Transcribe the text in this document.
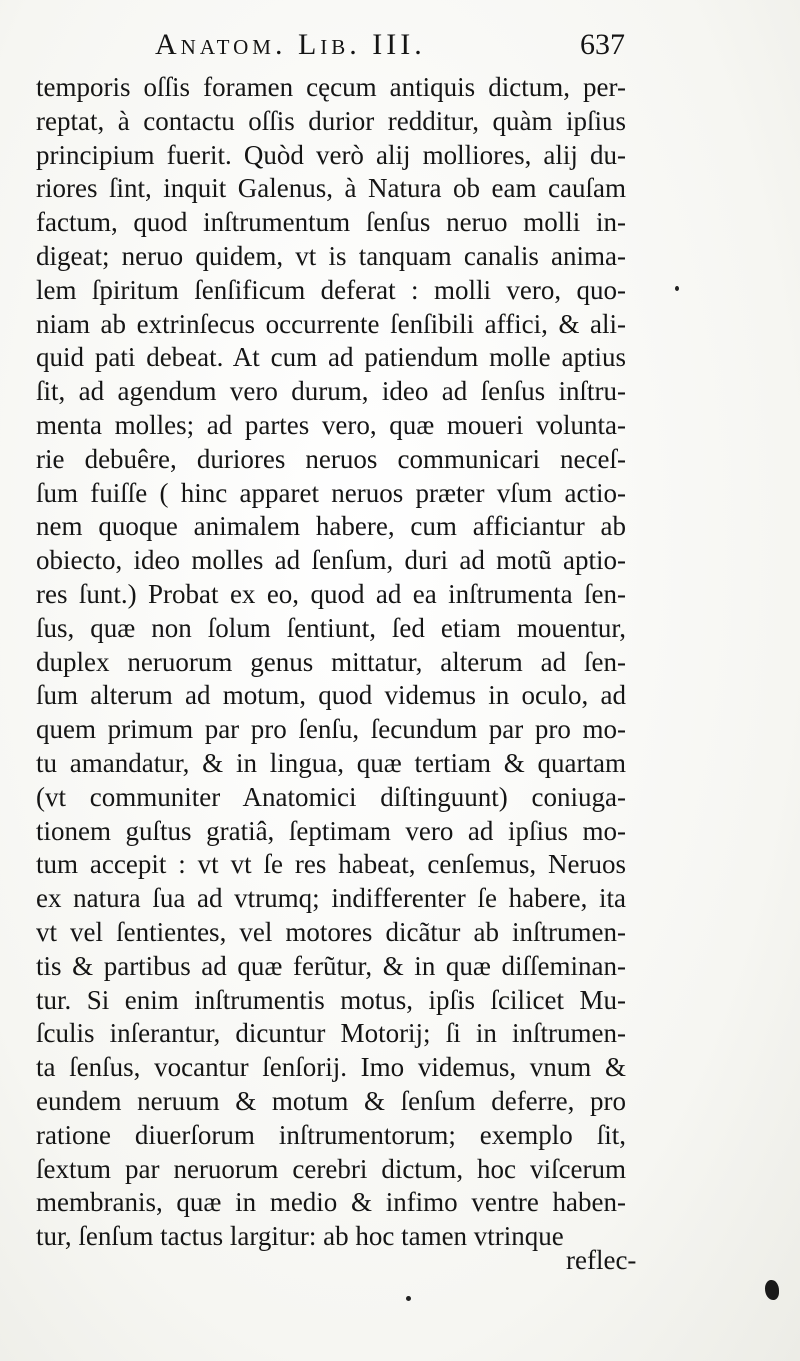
Anatom. Lib. III.	637
temporis oſſis foramen cęcum antiquis dictum, per-
reptat, à contactu oſſis durior redditur, quàm ipſius
principium fuerit. Quòd verò alij molliores, alij du-
riores ſint, inquit Galenus, à Natura ob eam cauſam
factum, quod inſtrumentum ſenſus neruo molli in-
digeat; neruo quidem, vt is tanquam canalis anima-
lem ſpiritum ſenſificum deferat : molli vero, quo-
niam ab extrinſecus occurrente ſenſibili affici, & ali-
quid pati debeat. At cum ad patiendum molle aptius
ſit, ad agendum vero durum, ideo ad ſenſus inſtru-
menta molles; ad partes vero, quæ moueri volunta-
rie debuêre, duriores neruos communicari neceſ-
ſum fuiſſe ( hinc apparet neruos præter vſum actio-
nem quoque animalem habere, cum afficiantur ab
obiecto, ideo molles ad ſenſum, duri ad motũ aptio-
res ſunt.) Probat ex eo, quod ad ea inſtrumenta ſen-
ſus, quæ non ſolum ſentiunt, ſed etiam mouentur,
duplex neruorum genus mittatur, alterum ad ſen-
ſum alterum ad motum, quod videmus in oculo, ad
quem primum par pro ſenſu, ſecundum par pro mo-
tu amandatur, & in lingua, quæ tertiam & quartam
(vt communiter Anatomici diſtinguunt) coniuga-
tionem guſtus gratiâ, ſeptimam vero ad ipſius mo-
tum accepit : vt vt ſe res habeat, cenſemus, Neruos
ex natura ſua ad vtrumq; indifferenter ſe habere, ita
vt vel ſentientes, vel motores dicãtur ab inſtrumen-
tis & partibus ad quæ ferũtur, & in quæ diſſeminan-
tur. Si enim inſtrumentis motus, ipſis ſcilicet Mu-
ſculis inſerantur, dicuntur Motorij; ſi in inſtrumen-
ta ſenſus, vocantur ſenſorij. Imo videmus, vnum &
eundem neruum & motum & ſenſum deferre, pro
ratione diuerſorum inſtrumentorum; exemplo ſit,
ſextum par neruorum cerebri dictum, hoc viſcerum
membranis, quæ in medio & infimo ventre haben-
tur, ſenſum tactus largitur: ab hoc tamen vtrinque
reflec-
